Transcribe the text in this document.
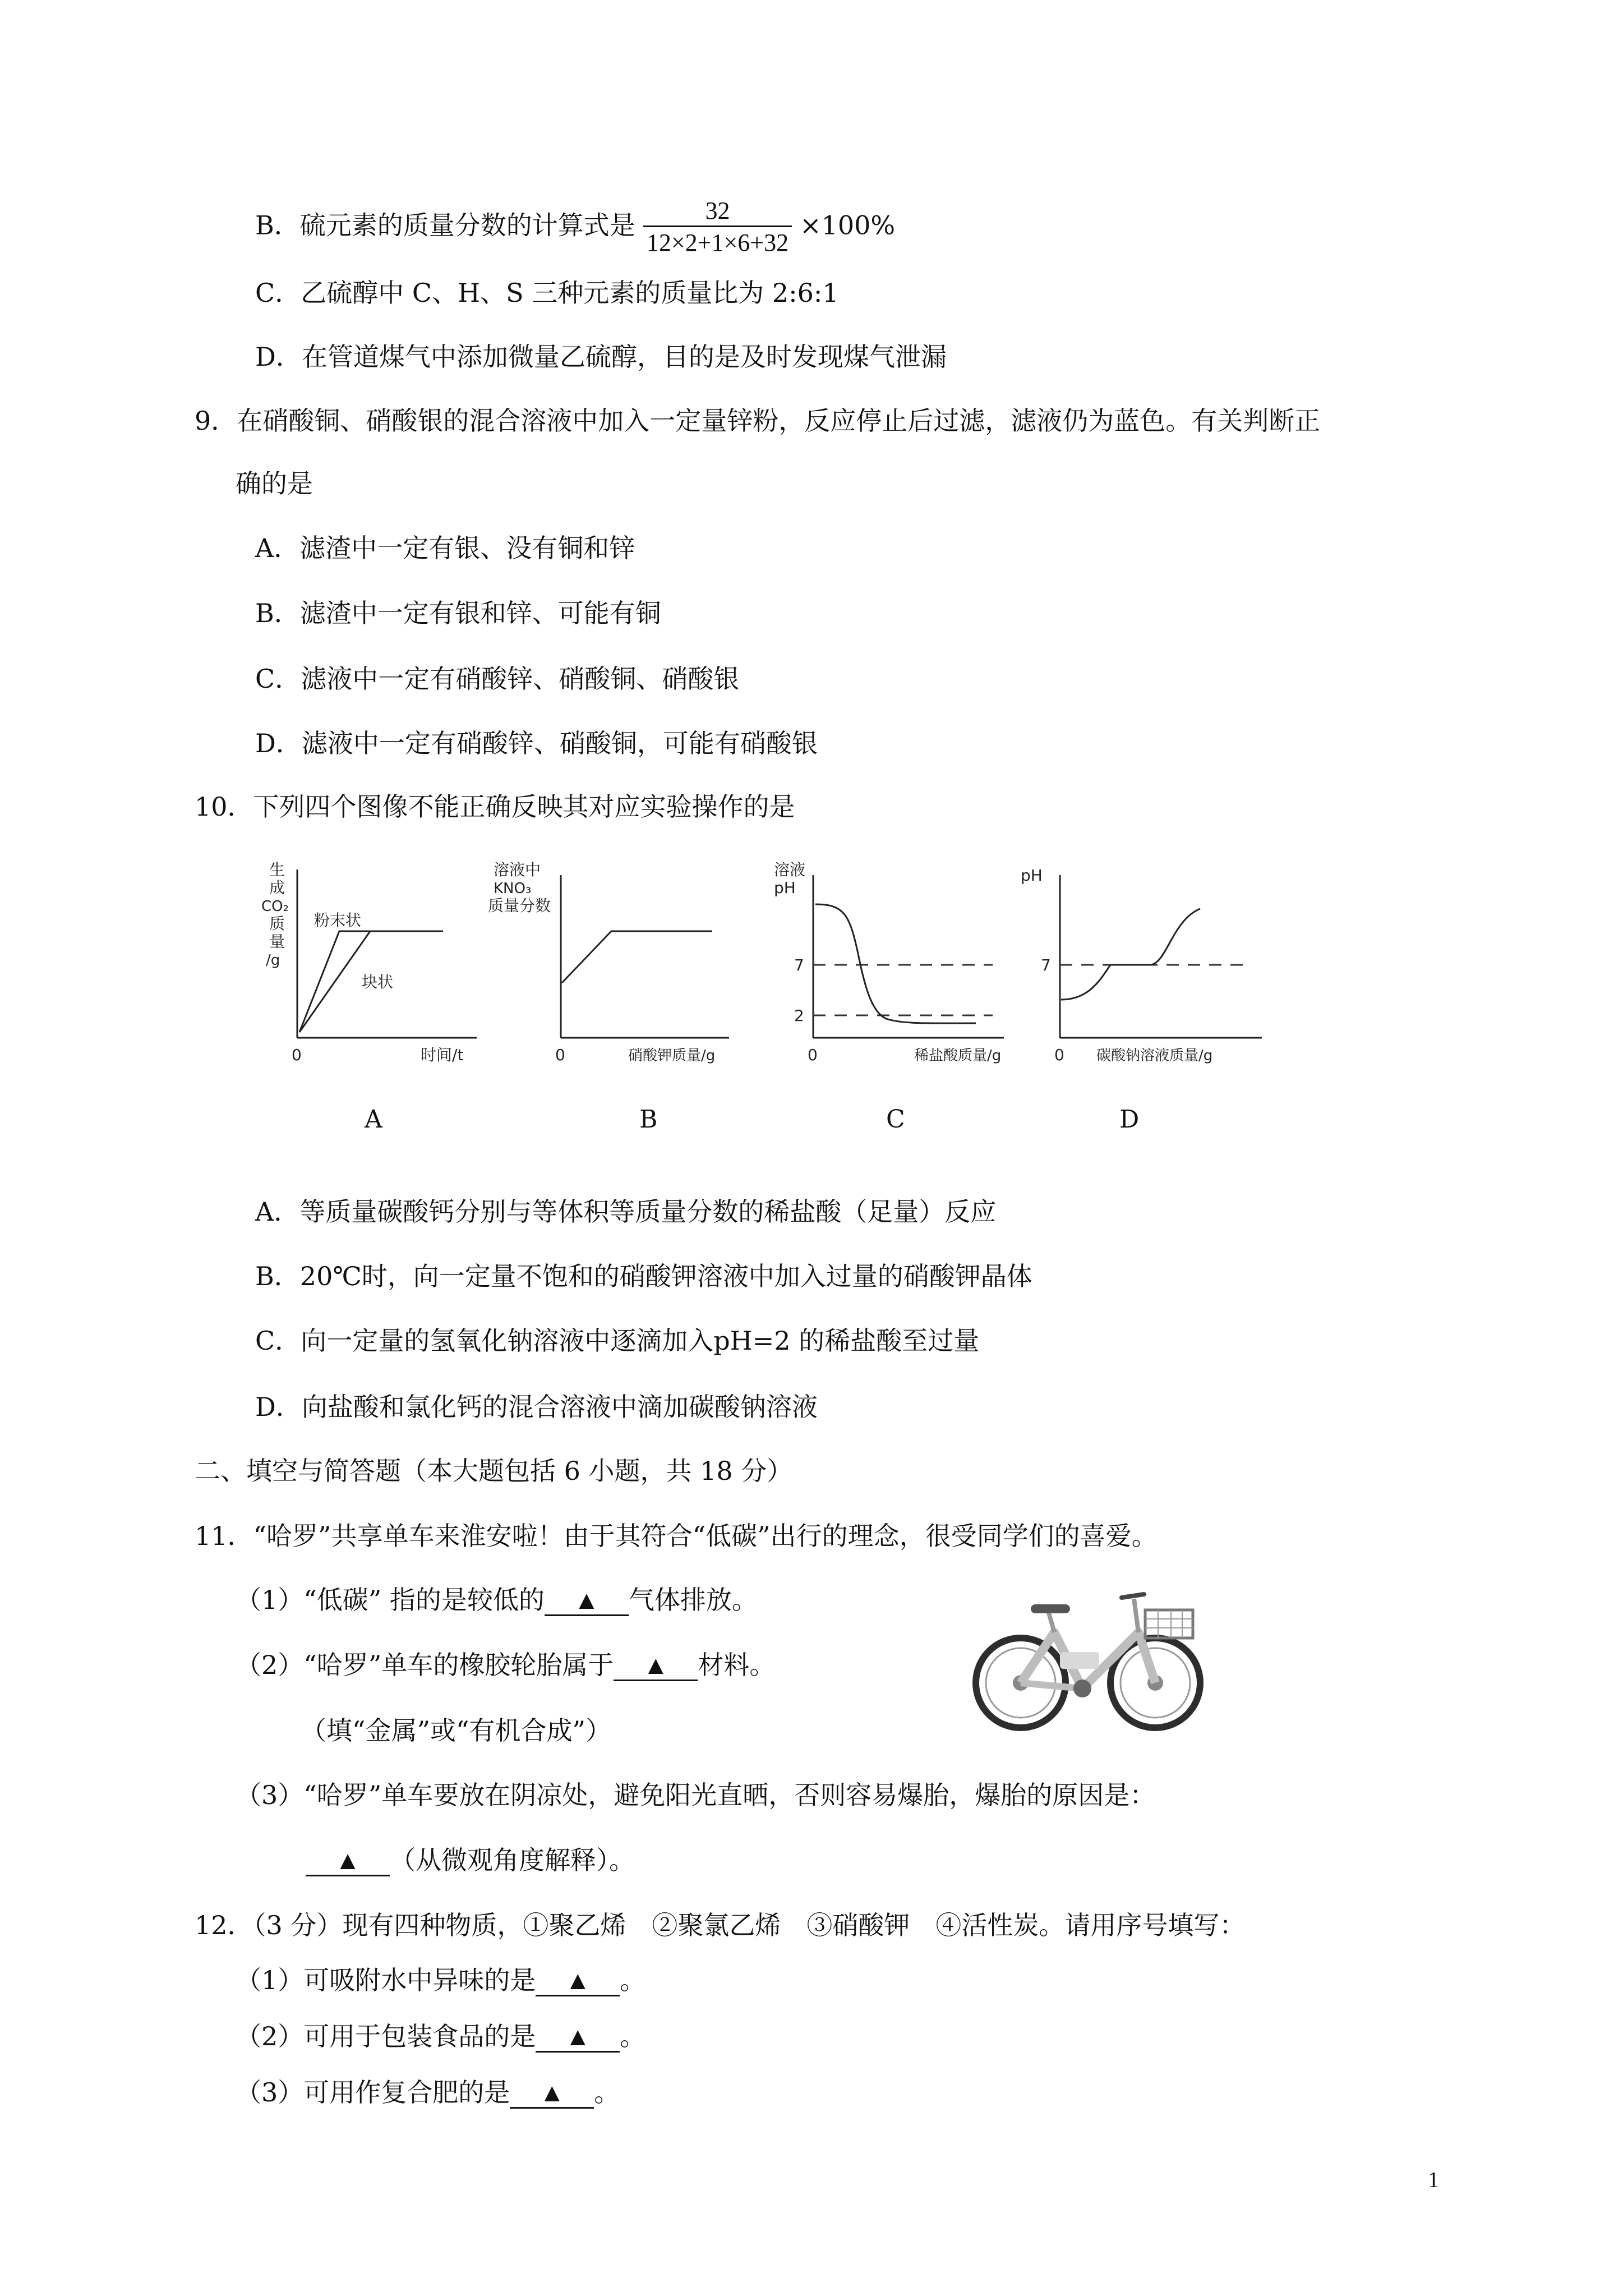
B．硫元素的质量分数的计算式是 $\frac{32}{12\times 2+1\times 6+32} \times 100\%$
C．乙硫醇中 C、H、S 三种元素的质量比为 2:6:1
D．在管道煤气中添加微量乙硫醇，目的是及时发现煤气泄漏
9．在硝酸铜、硝酸银的混合溶液中加入一定量锌粉，反应停止后过滤，滤液仍为蓝色。有关判断正
确的是
A．滤渣中一定有银、没有铜和锌
B．滤渣中一定有银和锌、可能有铜
C．滤液中一定有硝酸锌、硝酸铜、硝酸银
D．滤液中一定有硝酸锌、硝酸铜，可能有硝酸银
10．下列四个图像不能正确反映其对应实验操作的是
生
成
CO₂
质
量
/g
0	时间/t
粉末状
块状
溶液中
KNO₃
质量分数
0	硝酸钾质量/g
溶液
pH
7
2
0	稀盐酸质量/g
pH
7
0 碳酸钠溶液质量/g
A	B	C	D
A．等质量碳酸钙分别与等体积等质量分数的稀盐酸（足量）反应
B．20℃时，向一定量不饱和的硝酸钾溶液中加入过量的硝酸钾晶体
C．向一定量的氢氧化钠溶液中逐滴加入pH=2 的稀盐酸至过量
D．向盐酸和氯化钙的混合溶液中滴加碳酸钠溶液
二、填空与简答题（本大题包括 6 小题，共 18 分）
11．“哈罗”共享单车来淮安啦！由于其符合“低碳”出行的理念，很受同学们的喜爱。
（1）“低碳” 指的是较低的 ▲ 气体排放。
（2）“哈罗”单车的橡胶轮胎属于 ▲ 材料。
（填“金属”或“有机合成”）
（3）“哈罗”单车要放在阴凉处，避免阳光直晒，否则容易爆胎，爆胎的原因是：
▲ （从微观角度解释）。
12．（3 分）现有四种物质，①聚乙烯　②聚氯乙烯　③硝酸钾　④活性炭。请用序号填写：
（1）可吸附水中异味的是 ▲ 。
（2）可用于包装食品的是 ▲ 。
（3）可用作复合肥的是 ▲ 。
1
